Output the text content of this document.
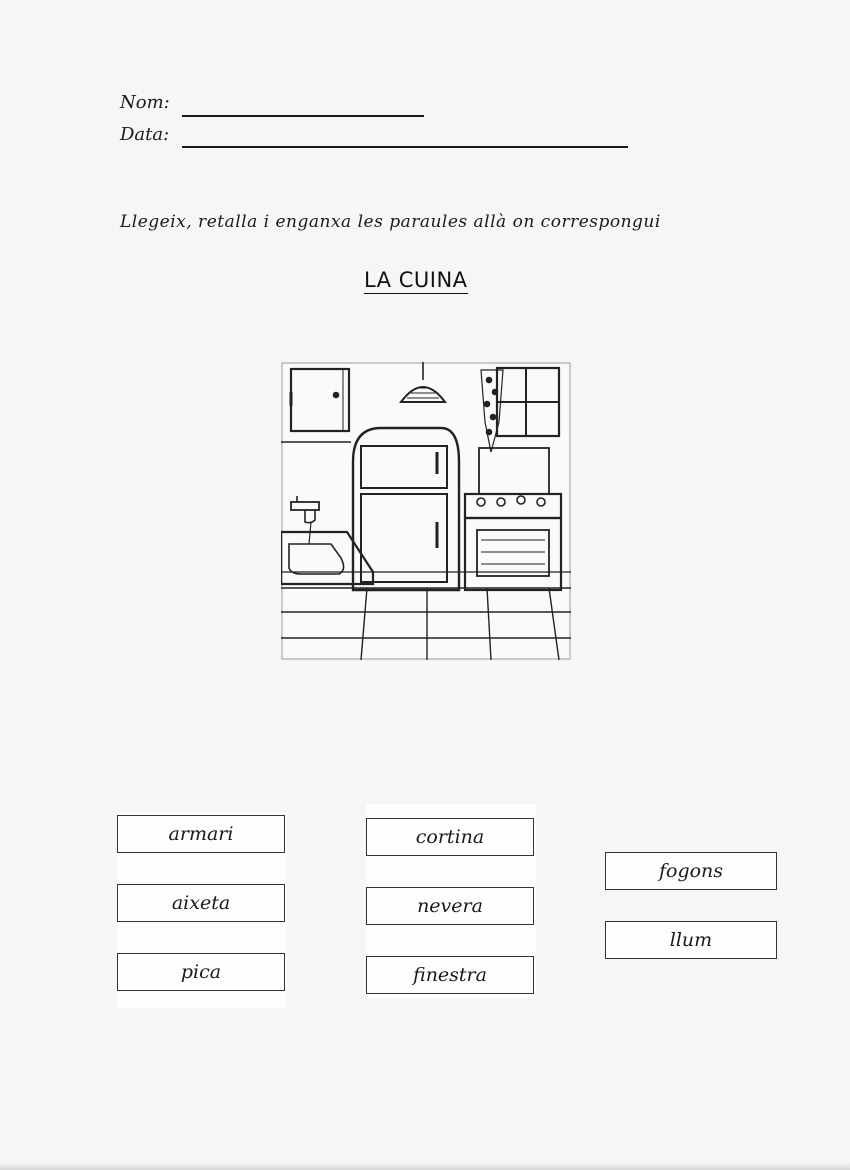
Nom:
Data:
Llegeix, retalla i enganxa les paraules allà on correspongui
LA CUINA
armari
aixeta
pica
cortina
nevera
finestra
fogons
llum
